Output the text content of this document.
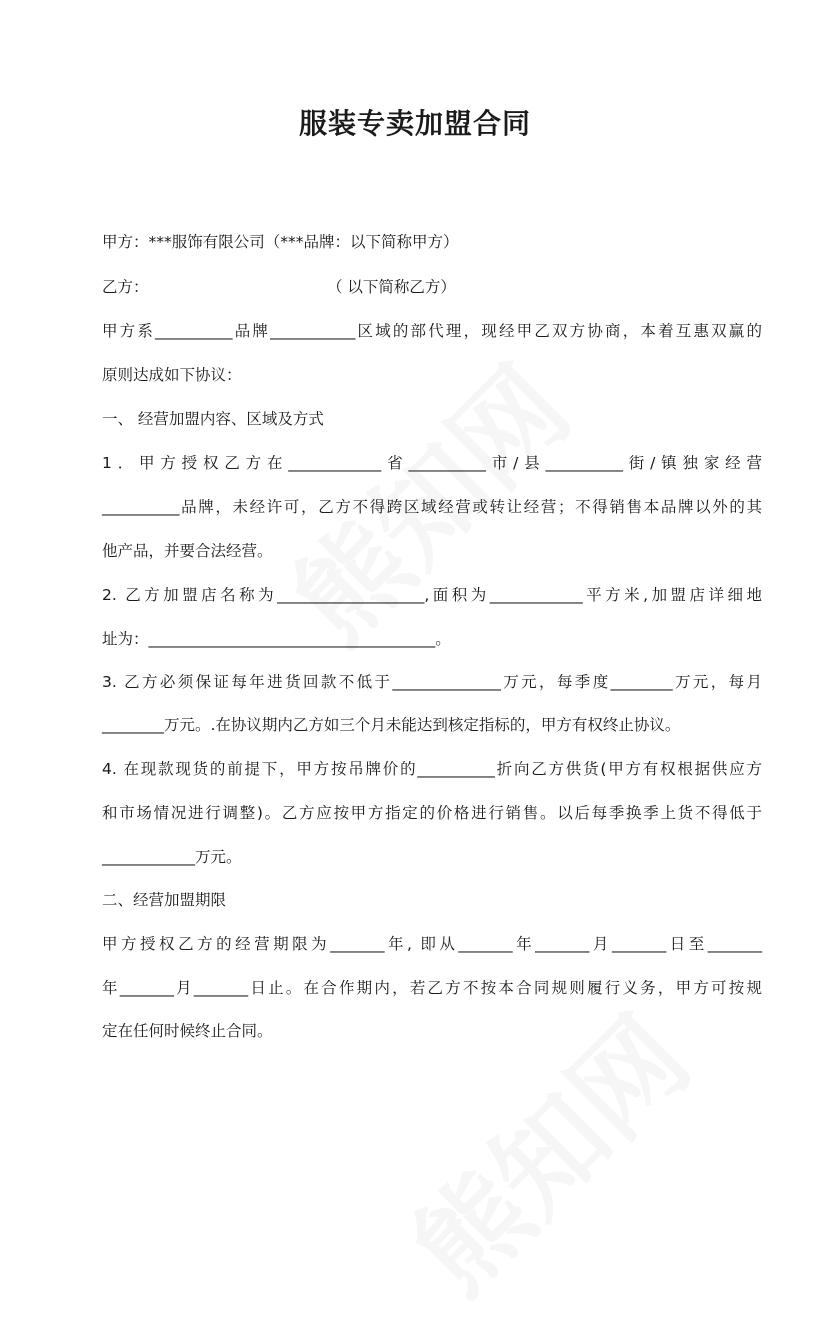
服装专卖加盟合同
甲方：***服饰有限公司（***品牌：以下简称甲方）
乙方：	（ 以下简称乙方）
甲方系__________品牌___________区域的部代理，现经甲乙双方协商，本着互惠双赢的
原则达成如下协议：
一、 经营加盟内容、区域及方式
1．甲方授权乙方在____________省__________市/县__________街/镇独家经营
__________品牌，未经许可，乙方不得跨区域经营或转让经营；不得销售本品牌以外的其
他产品，并要合法经营。
2. 乙方加盟店名称为___________________,面积为____________平方米,加盟店详细地
址为：_____________________________________。
3. 乙方必须保证每年进货回款不低于______________万元，每季度________万元，每月
________万元。.在协议期内乙方如三个月未能达到核定指标的，甲方有权终止协议。
4. 在现款现货的前提下，甲方按吊牌价的__________折向乙方供货(甲方有权根据供应方
和市场情况进行调整)。乙方应按甲方指定的价格进行销售。以后每季换季上货不得低于
____________万元。
二、经营加盟期限
甲方授权乙方的经营期限为_______年, 即从_______年_______月_______日至_______
年_______月_______日止。在合作期内，若乙方不按本合同规则履行义务，甲方可按规
定在任何时候终止合同。
